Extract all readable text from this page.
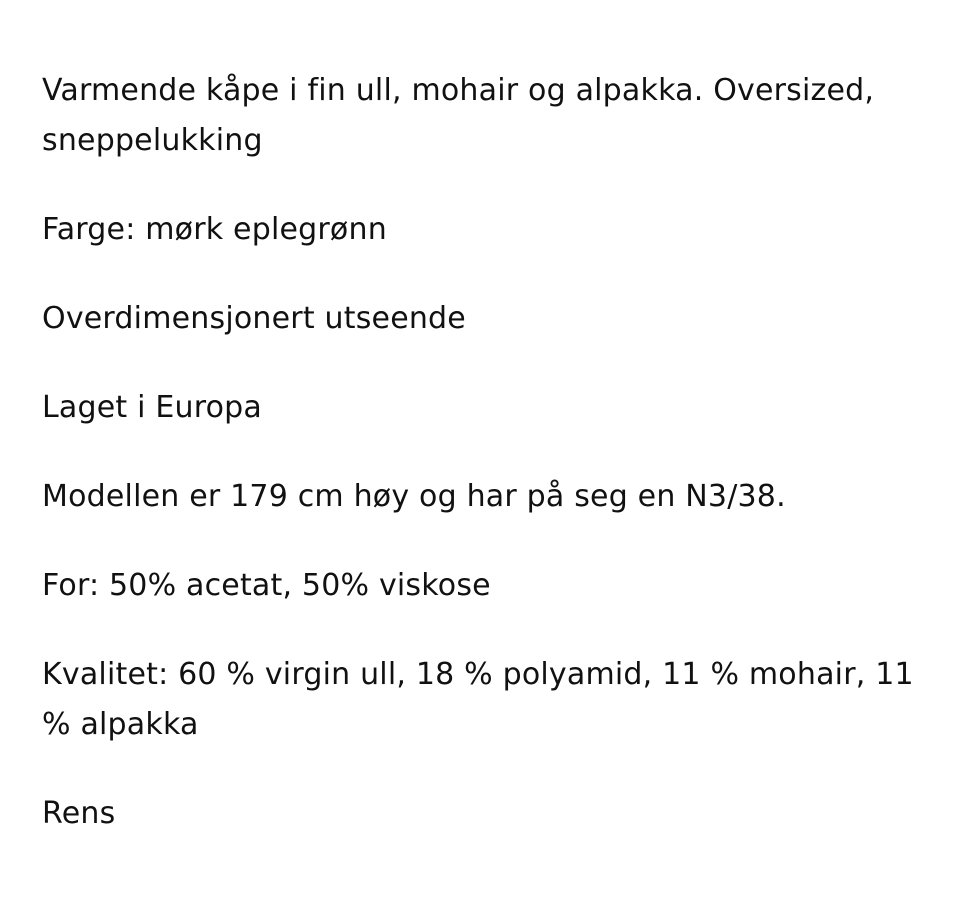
Varmende kåpe i fin ull, mohair og alpakka. Oversized, sneppelukking

Farge: mørk eplegrønn

Overdimensjonert utseende

Laget i Europa

Modellen er 179 cm høy og har på seg en N3/38.

For: 50% acetat, 50% viskose

Kvalitet: 60 % virgin ull, 18 % polyamid, 11 % mohair, 11 % alpakka

Rens
